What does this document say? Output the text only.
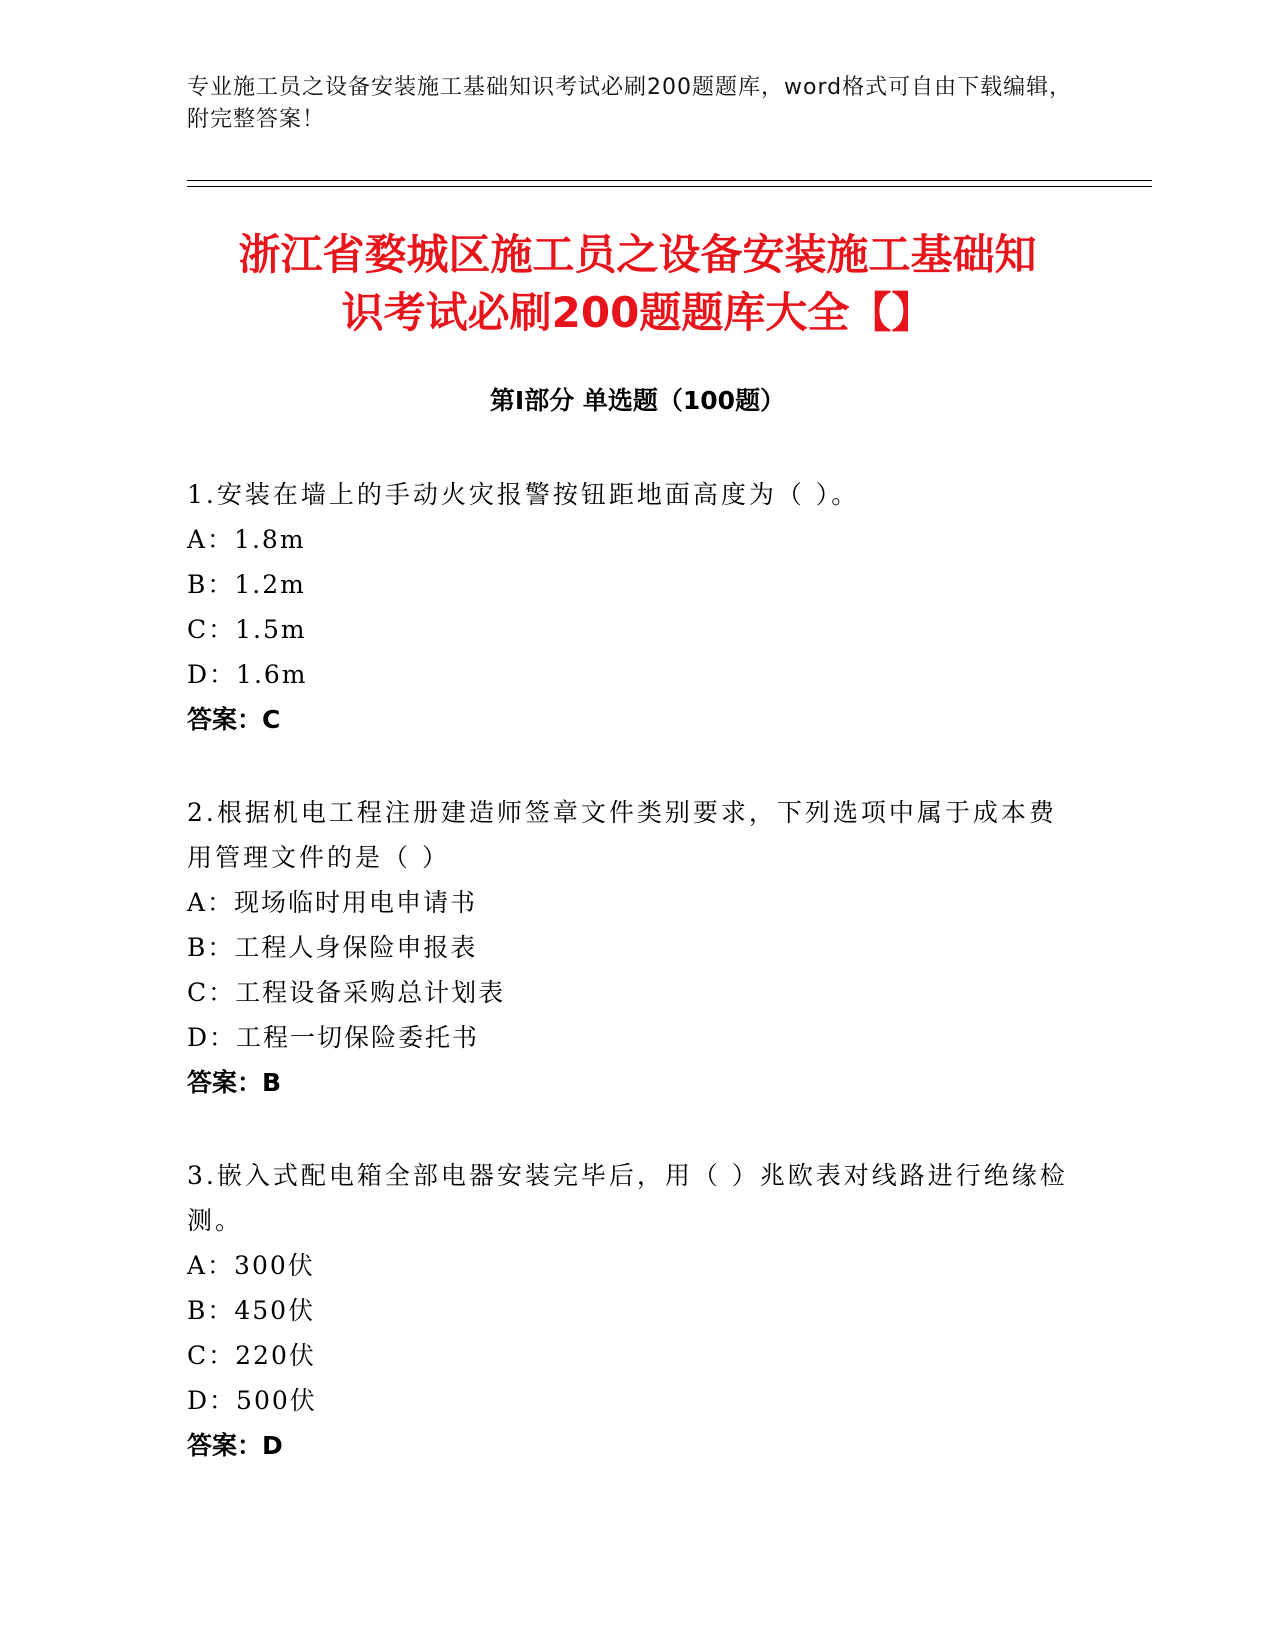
专业施工员之设备安装施工基础知识考试必刷200题题库，word格式可自由下载编辑，附完整答案！
浙江省婺城区施工员之设备安装施工基础知
识考试必刷200题题库大全【】
第I部分 单选题（100题）
1.安装在墙上的手动火灾报警按钮距地面高度为（ ）。
A：1.8m
B：1.2m
C：1.5m
D：1.6m
答案：C
2.根据机电工程注册建造师签章文件类别要求，下列选项中属于成本费用管理文件的是（ ）
A：现场临时用电申请书
B：工程人身保险申报表
C：工程设备采购总计划表
D：工程一切保险委托书
答案：B
3.嵌入式配电箱全部电器安装完毕后，用（ ）兆欧表对线路进行绝缘检测。
A：300伏
B：450伏
C：220伏
D：500伏
答案：D
